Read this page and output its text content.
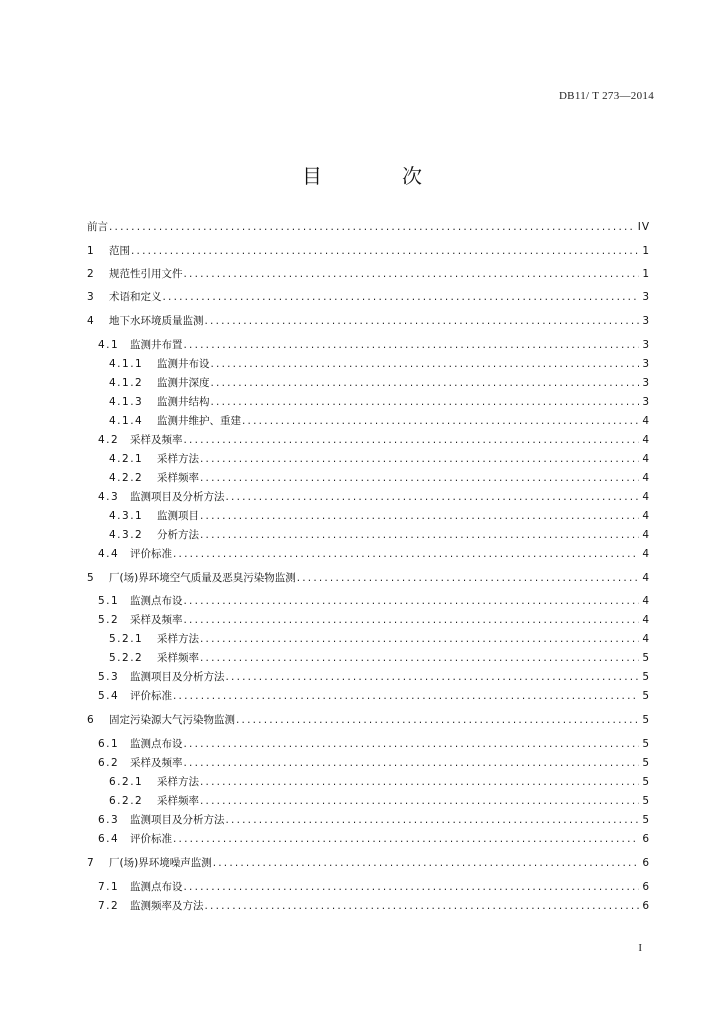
DB11/ T 273—2014
目　次
前言 .....	IV
1	范围 .....	1
2	规范性引用文件 .....	1
3	术语和定义 .....	3
4	地下水环境质量监测 .....	3
4.1	监测井布置 .....	3
4.1.1	监测井布设 .....	3
4.1.2	监测井深度 .....	3
4.1.3	监测井结构 .....	3
4.1.4	监测井维护、重建 .....	4
4.2	采样及频率 .....	4
4.2.1	采样方法 .....	4
4.2.2	采样频率 .....	4
4.3	监测项目及分析方法 .....	4
4.3.1	监测项目 .....	4
4.3.2	分析方法 .....	4
4.4	评价标准 .....	4
5	厂(场)界环境空气质量及恶臭污染物监测 .....	4
5.1	监测点布设 .....	4
5.2	采样及频率 .....	4
5.2.1	采样方法 .....	4
5.2.2	采样频率 .....	5
5.3	监测项目及分析方法 .....	5
5.4	评价标准 .....	5
6	固定污染源大气污染物监测 .....	5
6.1	监测点布设 .....	5
6.2	采样及频率 .....	5
6.2.1	采样方法 .....	5
6.2.2	采样频率 .....	5
6.3	监测项目及分析方法 .....	5
6.4	评价标准 .....	6
7	厂(场)界环境噪声监测 .....	6
7.1	监测点布设 .....	6
7.2	监测频率及方法 .....	6
I
